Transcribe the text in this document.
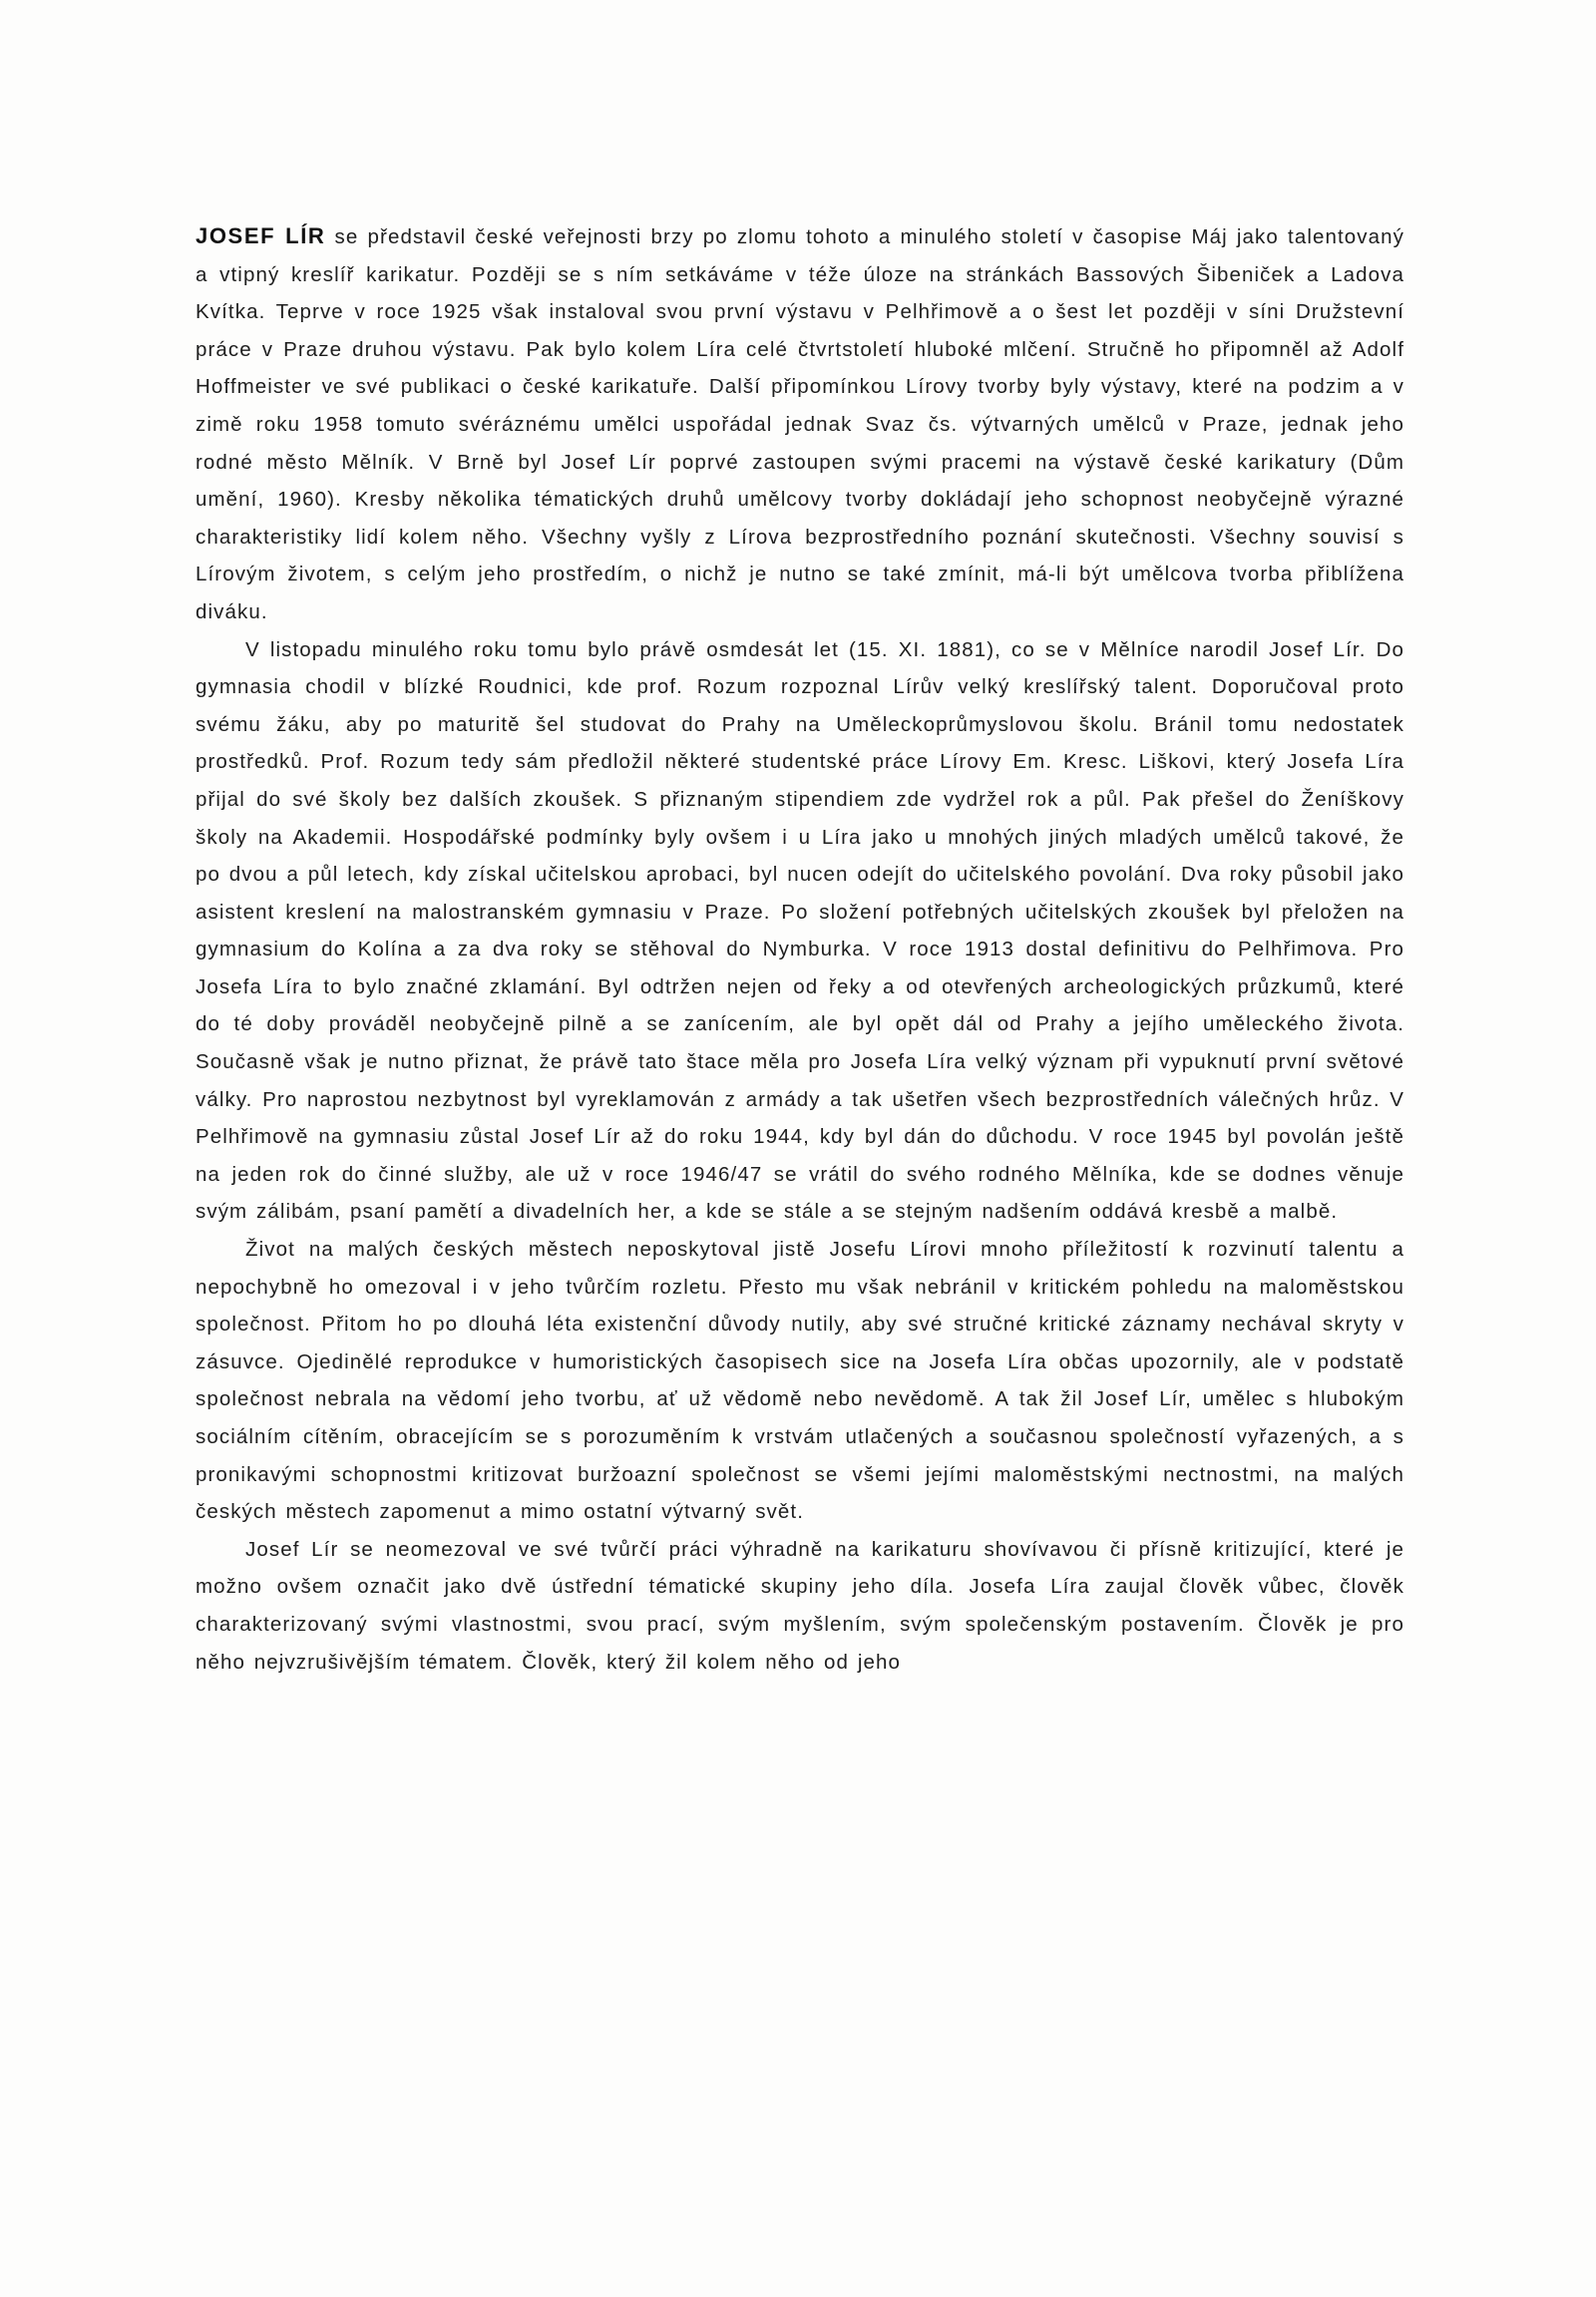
JOSEF LÍR se představil české veřejnosti brzy po zlomu tohoto a minulého století v časopise Máj jako talentovaný a vtipný kreslíř karikatur. Později se s ním setkáváme v téže úloze na stránkách Bassových Šibeniček a Ladova Kvítka. Teprve v roce 1925 však instaloval svou první výstavu v Pelhřimově a o šest let později v síni Družstevní práce v Praze druhou výstavu. Pak bylo kolem Líra celé čtvrtstoletí hluboké mlčení. Stručně ho připomněl až Adolf Hoffmeister ve své publikaci o české karikatuře. Další připomínkou Lírovy tvorby byly výstavy, které na podzim a v zimě roku 1958 tomuto svéráznému umělci uspořádal jednak Svaz čs. výtvarných umělců v Praze, jednak jeho rodné město Mělník. V Brně byl Josef Lír poprvé zastoupen svými pracemi na výstavě české karikatury (Dům umění, 1960). Kresby několika tématických druhů umělcovy tvorby dokládají jeho schopnost neobyčejně výrazné charakteristiky lidí kolem něho. Všechny vyšly z Lírova bezprostředního poznání skutečnosti. Všechny souvisí s Lírovým životem, s celým jeho prostředím, o nichž je nutno se také zmínit, má-li být umělcova tvorba přiblížena diváku.

V listopadu minulého roku tomu bylo právě osmdesát let (15. XI. 1881), co se v Mělníce narodil Josef Lír. Do gymnasia chodil v blízké Roudnici, kde prof. Rozum rozpoznal Lírův velký kreslířský talent. Doporučoval proto svému žáku, aby po maturitě šel studovat do Prahy na Uměleckoprůmyslovou školu. Bránil tomu nedostatek prostředků. Prof. Rozum tedy sám předložil některé studentské práce Lírovy Em. Kresc. Liškovi, který Josefa Líra přijal do své školy bez dalších zkoušek. S přiznaným stipendiem zde vydržel rok a půl. Pak přešel do Ženíškovy školy na Akademii. Hospodářské podmínky byly ovšem i u Líra jako u mnohých jiných mladých umělců takové, že po dvou a půl letech, kdy získal učitelskou aprobaci, byl nucen odejít do učitelského povolání. Dva roky působil jako asistent kreslení na malostranském gymnasiu v Praze. Po složení potřebných učitelských zkoušek byl přeložen na gymnasium do Kolína a za dva roky se stěhoval do Nymburka. V roce 1913 dostal definitivu do Pelhřimova. Pro Josefa Líra to bylo značné zklamání. Byl odtržen nejen od řeky a od otevřených archeologických průzkumů, které do té doby prováděl neobyčejně pilně a se zanícením, ale byl opět dál od Prahy a jejího uměleckého života. Současně však je nutno přiznat, že právě tato štace měla pro Josefa Líra velký význam při vypuknutí první světové války. Pro naprostou nezbytnost byl vyreklamován z armády a tak ušetřen všech bezprostředních válečných hrůz. V Pelhřimově na gymnasiu zůstal Josef Lír až do roku 1944, kdy byl dán do důchodu. V roce 1945 byl povolán ještě na jeden rok do činné služby, ale už v roce 1946/47 se vrátil do svého rodného Mělníka, kde se dodnes věnuje svým zálibám, psaní pamětí a divadelních her, a kde se stále a se stejným nadšením oddává kresbě a malbě.

Život na malých českých městech neposkytoval jistě Josefu Lírovi mnoho příležitostí k rozvinutí talentu a nepochybně ho omezoval i v jeho tvůrčím rozletu. Přesto mu však nebránil v kritickém pohledu na maloměstskou společnost. Přitom ho po dlouhá léta existenční důvody nutily, aby své stručné kritické záznamy nechával skryty v zásuvce. Ojedinělé reprodukce v humoristických časopisech sice na Josefa Líra občas upozornily, ale v podstatě společnost nebrala na vědomí jeho tvorbu, ať už vědomě nebo nevědomě. A tak žil Josef Lír, umělec s hlubokým sociálním cítěním, obracejícím se s porozuměním k vrstvám utlačených a současnou společností vyřazených, a s pronikavými schopnostmi kritizovat buržoazní společnost se všemi jejími maloměstskými nectnostmi, na malých českých městech zapomenut a mimo ostatní výtvarný svět.

Josef Lír se neomezoval ve své tvůrčí práci výhradně na karikaturu shovívavou či přísně kritizující, které je možno ovšem označit jako dvě ústřední tématické skupiny jeho díla. Josefa Líra zaujal člověk vůbec, člověk charakterizovaný svými vlastnostmi, svou prací, svým myšlením, svým společenským postavením. Člověk je pro něho nejvzrušivějším tématem. Člověk, který žil kolem něho od jeho
